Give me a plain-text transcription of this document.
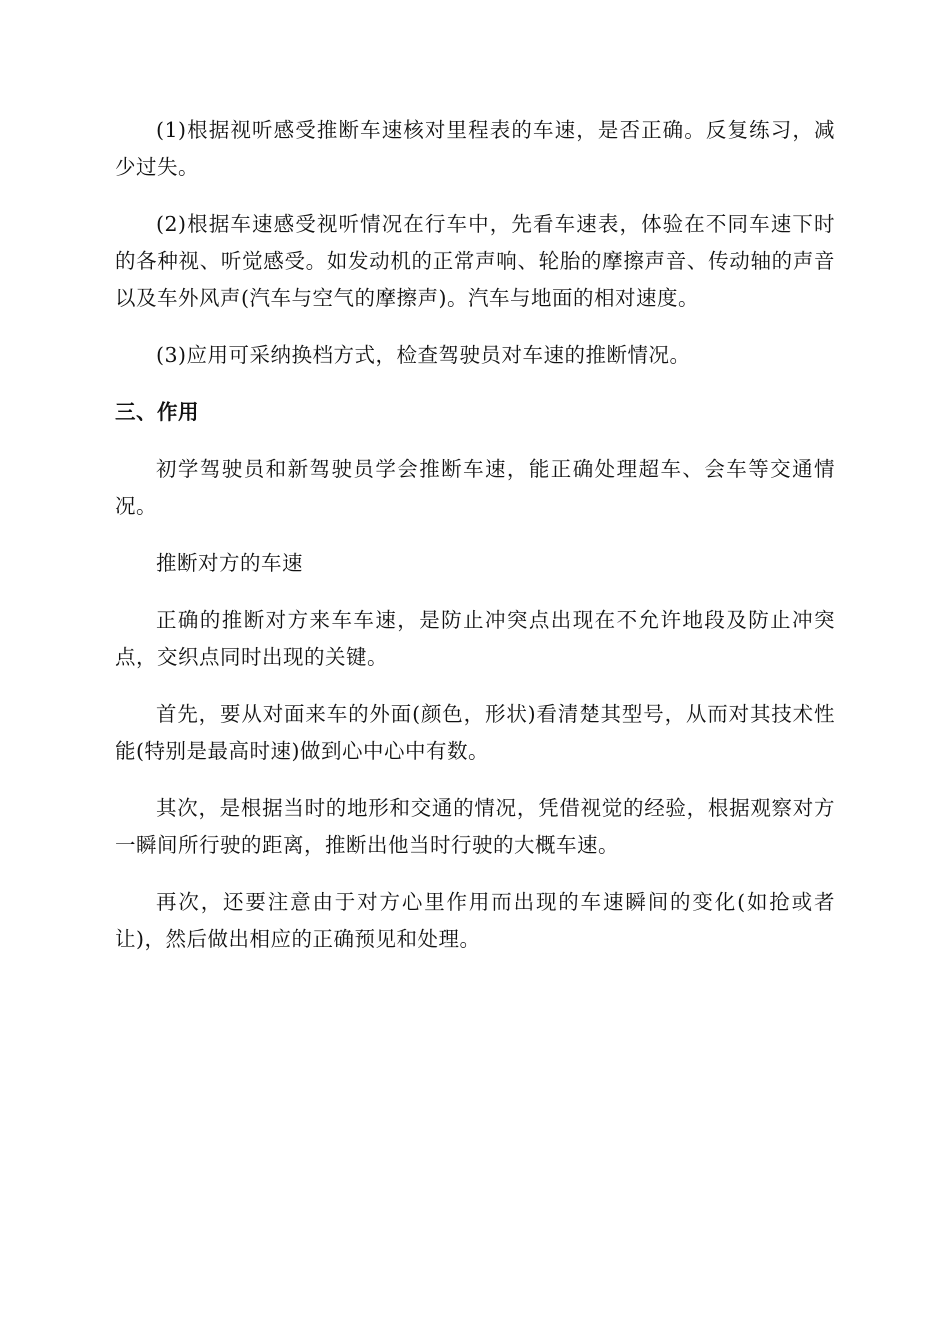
(1)根据视听感受推断车速核对里程表的车速，是否正确。反复练习，减少过失。

(2)根据车速感受视听情况在行车中，先看车速表，体验在不同车速下时的各种视、听觉感受。如发动机的正常声响、轮胎的摩擦声音、传动轴的声音以及车外风声(汽车与空气的摩擦声)。汽车与地面的相对速度。

(3)应用可采纳换档方式，检查驾驶员对车速的推断情况。

三、作用

初学驾驶员和新驾驶员学会推断车速，能正确处理超车、会车等交通情况。

推断对方的车速

正确的推断对方来车车速，是防止冲突点出现在不允许地段及防止冲突点，交织点同时出现的关键。

首先，要从对面来车的外面(颜色，形状)看清楚其型号，从而对其技术性能(特别是最高时速)做到心中心中有数。

其次，是根据当时的地形和交通的情况，凭借视觉的经验，根据观察对方一瞬间所行驶的距离，推断出他当时行驶的大概车速。

再次，还要注意由于对方心里作用而出现的车速瞬间的变化(如抢或者让)，然后做出相应的正确预见和处理。
